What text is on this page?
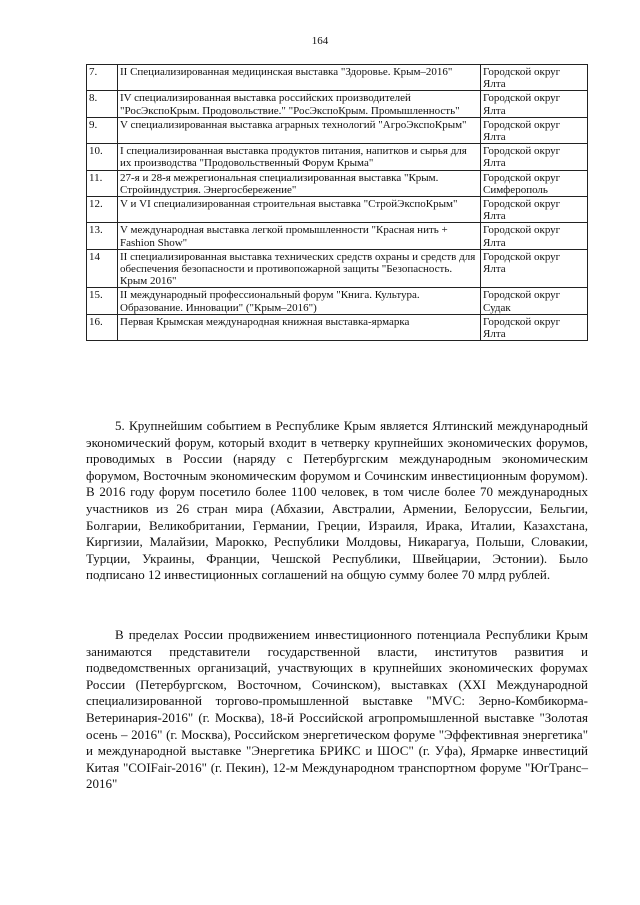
164
7.	II Специализированная медицинская выставка "Здоровье. Крым–2016"	Городской округ Ялта
8.	IV специализированная выставка российских производителей "РосЭкспоКрым. Продовольствие." "РосЭкспоКрым. Промышленность"	Городской округ Ялта
9.	V специализированная выставка аграрных технологий "АгроЭкспоКрым"	Городской округ Ялта
10.	I специализированная выставка продуктов питания, напитков и сырья для их производства "Продовольственный Форум Крыма"	Городской округ Ялта
11.	27-я и 28-я межрегиональная специализированная выставка "Крым. Стройиндустрия. Энергосбережение"	Городской округ Симферополь
12.	V и VI специализированная строительная выставка "СтройЭкспоКрым"	Городской округ Ялта
13.	V международная выставка легкой промышленности "Красная нить + Fashion Show"	Городской округ Ялта
14	II специализированная выставка технических средств охраны и средств для обеспечения безопасности и противопожарной защиты "Безопасность. Крым 2016"	Городской округ Ялта
15.	II международный профессиональный форум "Книга. Культура. Образование. Инновации" ("Крым–2016")	Городской округ Судак
16.	Первая Крымская международная книжная выставка-ярмарка	Городской округ Ялта

5. Крупнейшим событием в Республике Крым является Ялтинский международный экономический форум, который входит в четверку крупнейших экономических форумов, проводимых в России (наряду с Петербургским международным экономическим форумом, Восточным экономическим форумом и Сочинским инвестиционным форумом). В 2016 году форум посетило более 1100 человек, в том числе более 70 международных участников из 26 стран мира (Абхазии, Австралии, Армении, Белоруссии, Бельгии, Болгарии, Великобритании, Германии, Греции, Израиля, Ирака, Италии, Казахстана, Киргизии, Малайзии, Марокко, Республики Молдовы, Никарагуа, Польши, Словакии, Турции, Украины, Франции, Чешской Республики, Швейцарии, Эстонии). Было подписано 12 инвестиционных соглашений на общую сумму более 70 млрд рублей.

В пределах России продвижением инвестиционного потенциала Республики Крым занимаются представители государственной власти, институтов развития и подведомственных организаций, участвующих в крупнейших экономических форумах России (Петербургском, Восточном, Сочинском), выставках (XXI Международной специализированной торгово-промышленной выставке "MVC: Зерно-Комбикорма-Ветеринария-2016" (г. Москва), 18-й Российской агропромышленной выставке "Золотая осень – 2016" (г. Москва), Российском энергетическом форуме "Эффективная энергетика" и международной выставке "Энергетика БРИКС и ШОС" (г. Уфа), Ярмарке инвестиций Китая "COIFair-2016" (г. Пекин), 12-м Международном транспортном форуме "ЮгТранс–2016"
